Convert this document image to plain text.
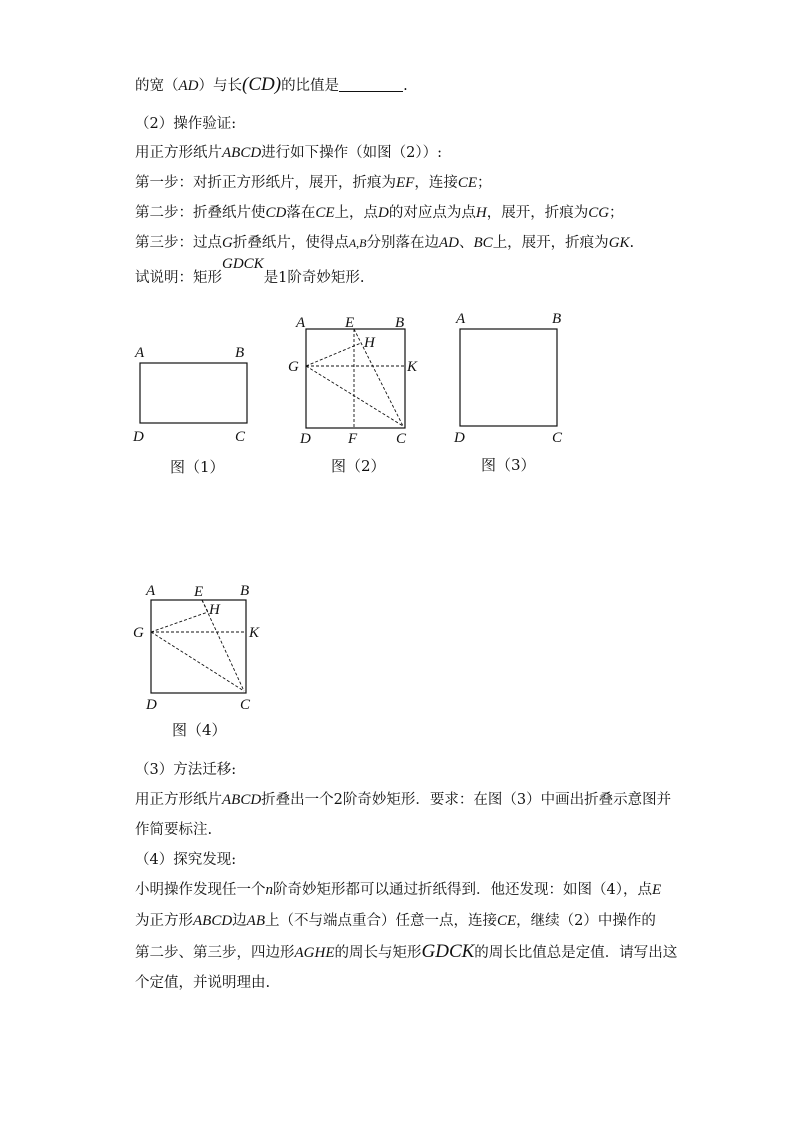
的宽（AD）与长(CD)的比值是	.
（2）操作验证:
用正方形纸片ABCD进行如下操作（如图（2））:
第一步：对折正方形纸片，展开，折痕为EF，连接CE；
第二步：折叠纸片使CD落在CE上，点D的对应点为点H，展开，折痕为CG；
第三步：过点G折叠纸片，使得点A,B分别落在边AD、BC上，展开，折痕为GK.
试说明：矩形GDCK是1阶奇妙矩形.
A	B
D	C
图（1）
A	E	B
H
G	K
D F	C
图（2）
A	B
D	C
图（3）
A	E B
H
G	K
D	C
图（4）
（3）方法迁移:
用正方形纸片ABCD折叠出一个2阶奇妙矩形．要求：在图（3）中画出折叠示意图并
作简要标注.
（4）探究发现:
小明操作发现任一个n阶奇妙矩形都可以通过折纸得到．他还发现：如图（4），点E
为正方形ABCD边AB上（不与端点重合）任意一点，连接CE，继续（2）中操作的
第二步、第三步，四边形AGHE的周长与矩形GDCK的周长比值总是定值．请写出这
个定值，并说明理由.
